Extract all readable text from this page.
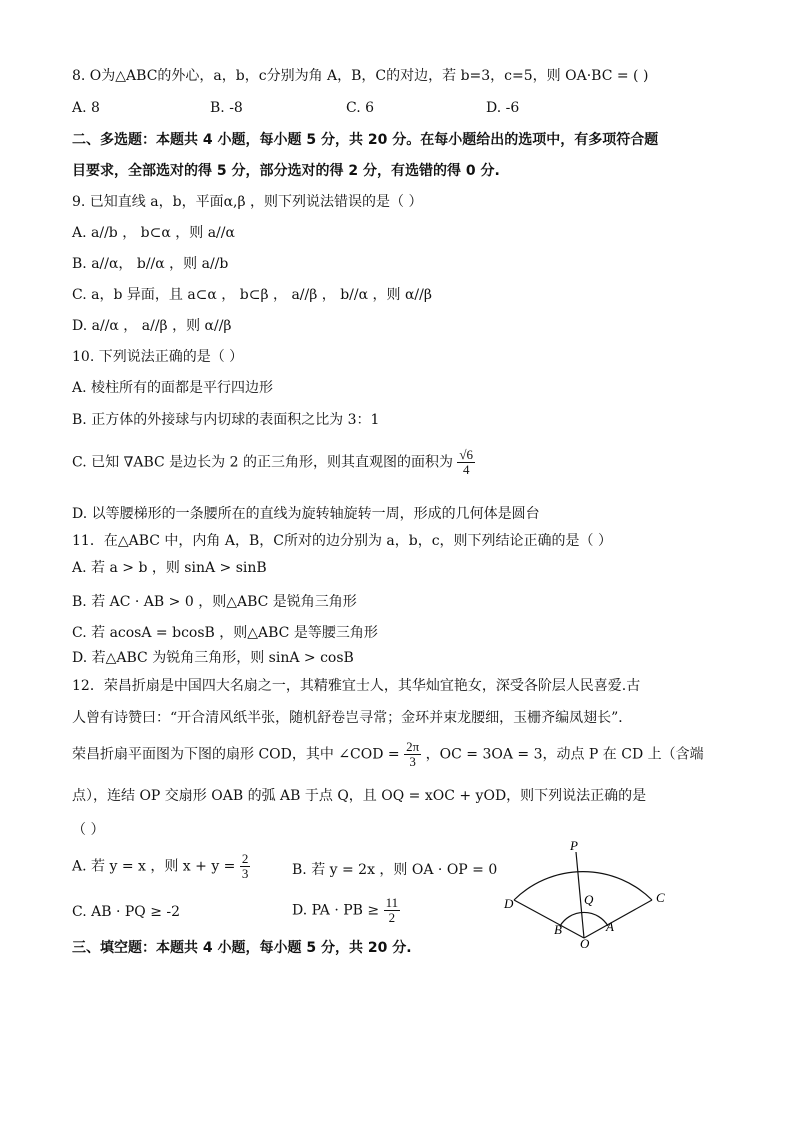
8. O为△ABC的外心，a，b，c分别为角 A，B，C的对边，若 b=3，c=5，则 OA·BC = ( )
A. 8	B. -8	C. 6	D. -6
二、多选题：本题共 4 小题，每小题 5 分，共 20 分。在每小题给出的选项中，有多项符合题
目要求，全部选对的得 5 分，部分选对的得 2 分，有选错的得 0 分.
9. 已知直线 a，b，平面α,β ，则下列说法错误的是（ ）
A. a//b ， b⊂α ，则 a//α
B. a//α， b//α ，则 a//b
C. a，b 异面，且 a⊂α ， b⊂β ， a//β ， b//α ，则 α//β
D. a//α ， a//β ，则 α//β
10. 下列说法正确的是（ ）
A. 棱柱所有的面都是平行四边形
B. 正方体的外接球与内切球的表面积之比为 3：1
C. 已知 ∇ABC 是边长为 2 的正三角形，则其直观图的面积为 $\frac{√6}{4}$
D. 以等腰梯形的一条腰所在的直线为旋转轴旋转一周，形成的几何体是圆台
11．在△ABC 中，内角 A，B，C所对的边分别为 a，b，c，则下列结论正确的是（ ）
A. 若 a > b ，则 sinA > sinB
B. 若 AC · AB > 0 ，则△ABC 是锐角三角形
C. 若 acosA = bcosB ，则△ABC 是等腰三角形
D. 若△ABC 为锐角三角形，则 sinA > cosB
12．荣昌折扇是中国四大名扇之一，其精雅宜士人，其华灿宜艳女，深受各阶层人民喜爱.古
人曾有诗赞曰：“开合清风纸半张，随机舒卷岂寻常；金环并束龙腰细，玉栅齐编凤翅长”．
荣昌折扇平面图为下图的扇形 COD，其中 ∠COD = $\frac{2\pi}{3}$ ，OC = 3OA = 3，动点 P 在 CD 上（含端
点），连结 OP 交扇形 OAB 的弧 AB 于点 Q，且 OQ = xOC + yOD，则下列说法正确的是
（ ）
A. 若 y = x ，则 $x + y = \frac{2}{3}$	B. 若 y = 2x ，则 OA · OP = 0
C. AB · PQ ≥ -2	D. PA · PB ≥ $\frac{11}{2}$
P
D	C
Q
B	A
O
三、填空题：本题共 4 小题，每小题 5 分，共 20 分.
